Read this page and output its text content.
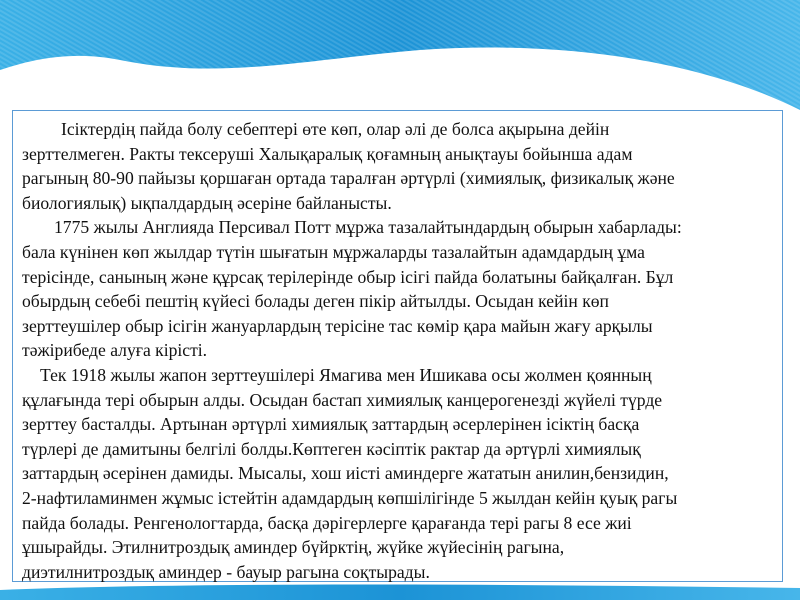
Ісіктердің пайда болу себептері өте көп, олар әлі де болса ақырына дейін
зерттелмеген. Ракты тексеруші Халықаралық қоғамның анықтауы бойынша адам
рагының 80-90 пайызы қоршаған ортада таралған әртүрлі (химиялық, физикалық және
биологиялық) ықпалдардың әсеріне байланысты.
1775 жылы Англияда Персивал Потт мұржа тазалайтындардың обырын хабарлады:
бала күнінен көп жылдар түтін шығатын мұржаларды тазалайтын адамдардың ұма
терісінде, санының және құрсақ терілерінде обыр ісігі пайда болатыны байқалған. Бұл
обырдың себебі пештің күйесі болады деген пікір айтылды. Осыдан кейін көп
зерттеушілер обыр ісігін жануарлардың терісіне тас көмір қара майын жағу арқылы
тәжірибеде алуға кірісті.
Тек 1918 жылы жапон зерттеушілері Ямагива мен Ишикава осы жолмен қоянның
құлағында тері обырын алды. Осыдан бастап химиялық канцерогенезді жүйелі түрде
зерттеу басталды. Артынан әртүрлі химиялық заттардың әсерлерінен ісіктің басқа
түрлері де дамитыны белгілі болды.Көптеген кәсіптік рактар да әртүрлі химиялық
заттардың әсерінен дамиды. Мысалы, хош иісті аминдерге жататын анилин,бензидин,
2-нафтиламинмен жұмыс істейтін адамдардың көпшілігінде 5 жылдан кейін қуық рагы
пайда болады. Ренгенологтарда, басқа дәрігерлерге қарағанда тері рагы 8 есе жиі
ұшырайды. Этилнитроздық аминдер бүйрктің, жүйке жүйесінің рагына,
диэтилнитроздық аминдер - бауыр рагына соқтырады.
